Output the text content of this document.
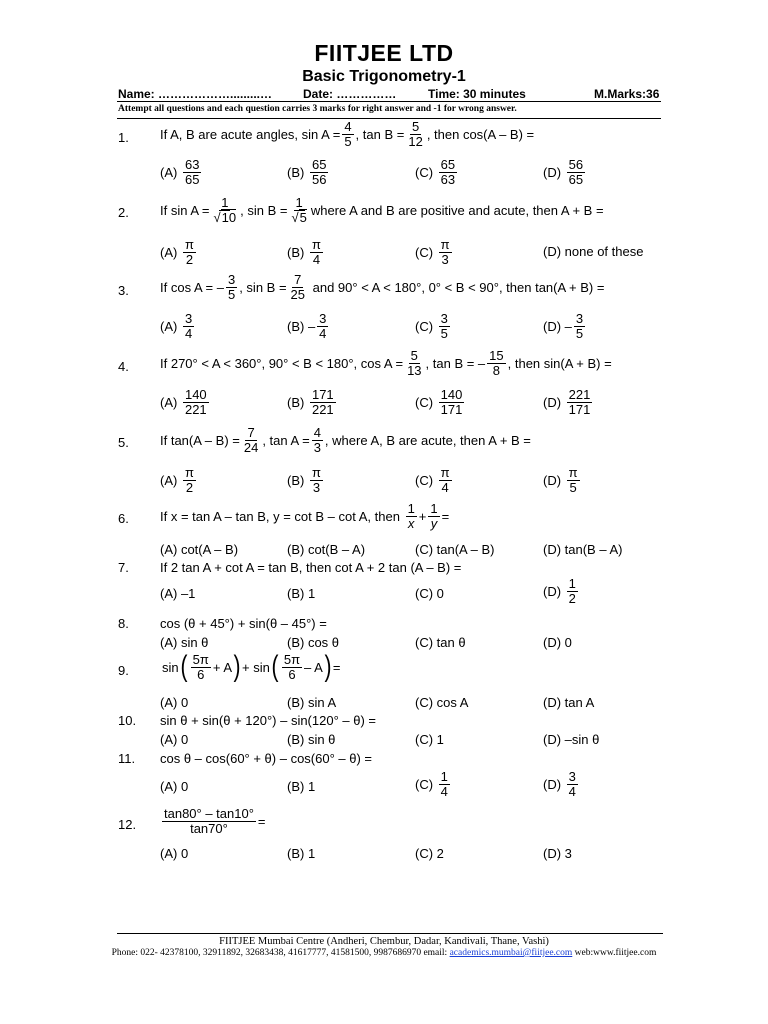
FIITJEE LTD
Basic Trigonometry-1
Name: ……………….........…	Date: ……………	Time: 30 minutes	M.Marks:36
Attempt all questions and each question carries 3 marks for right answer and -1 for wrong answer.
1. If A, B are acute angles, $\sin A = \frac{4}{5}$ , $\tan B = \frac{5}{12}$ , then cos(A – B) =
(A)
$\frac{63}{65}$	(B)
$\frac{65}{56}$	(C)
$\frac{65}{63}$	(D)
$\frac{56}{65}$
2. If $\sin A = \frac{1}{√10}$ , $\sin B = \frac{1}{√5}$ where A and B are positive and acute, then A + B =
(A)
$\frac{\pi}{2}$	(B)
$\frac{\pi}{4}$	(C)
$\frac{\pi}{3}$	(D) none of these
3. If cos A = – $\frac{3}{5}$ , $\sin B = \frac{7}{25}$
and 90° < A < 180°, 0° < B < 90°, then tan(A + B) =
(A)
$\frac{3}{4}$	$(B) - \frac{3}{4}$	(C)
$\frac{3}{5}$	$(D) - \frac{3}{5}$
4. If 270° < A < 360°, 90° < B < 180°, $\cos A = \frac{5}{13}$ , tan B = – $\frac{15}{8}$ , then sin(A + B) =
(A)
$\frac{140}{221}$	(B)
$\frac{171}{221}$	(C)
$\frac{140}{171}$	(D)
$\frac{221}{171}$
5. If $\tan(A - B) = \frac{7}{24}$ , $\tan A = \frac{4}{3}$ , where A, B are acute, then A + B =
(A)
$\frac{\pi}{2}$	(B)
$\frac{\pi}{3}$	(C)
$\frac{\pi}{4}$	(D)
$\frac{\pi}{5}$
6. If x = tan A – tan B, y = cot B – cot A, then
$\frac{1}{x} + \frac{1}{y}$ =
(A) cot(A – B)	(B) cot(B – A)	(C) tan(A – B)	(D) tan(B – A)
7. If 2 tan A + cot A = tan B, then cot A + 2 tan (A – B) =
(A) –1	(B) 1	(C) 0	(D)
$\frac{1}{2}$
8. cos (θ + 45°) + sin(θ – 45°) =
(A) sin θ	(B) cos θ	(C) tan θ	(D) 0
9.	sin ( $\frac{5\pi}{6} + A$ ) +
sin ( $\frac{5\pi}{6}$ – A ) =
(A) 0	(B) sin A	(C) cos A	(D) tan A
10. sin θ + sin(θ + 120°) – sin(120° – θ) =
(A) 0	(B) sin θ	(C) 1	(D) –sin θ
11. cos θ – cos(60° + θ) – cos(60° – θ) =
(A) 0	(B) 1	(C)
$\frac{1}{4}$	(D)
$\frac{3}{4}$
12. $\frac{\tan 80^\circ - \tan 10^\circ}{\tan 70^\circ}$ =
(A) 0	(B) 1	(C) 2	(D) 3
FIITJEE Mumbai Centre (Andheri, Chembur, Dadar, Kandivali, Thane, Vashi)
Phone: 022- 42378100, 32911892, 32683438, 41617777, 41581500, 9987686970 email: academics.mumbai@fiitjee.com web:www.fiitjee.com
